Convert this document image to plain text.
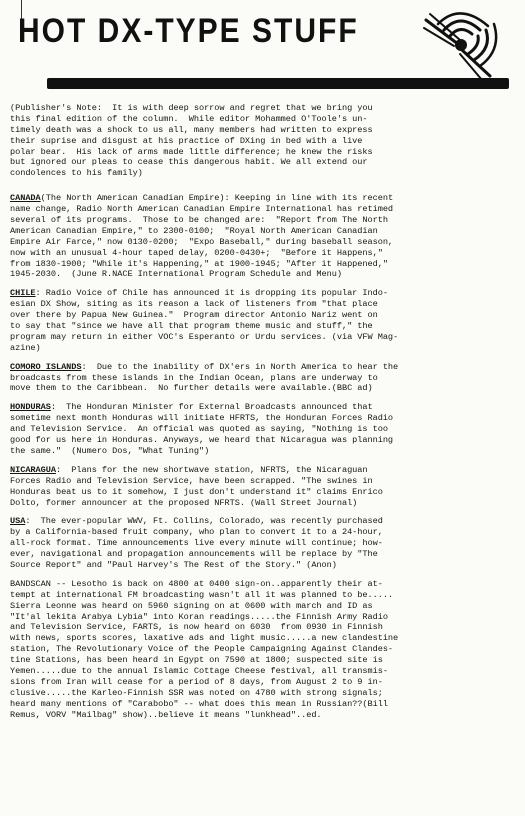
HOT DX-TYPE STUFF
(Publisher's Note:  It is with deep sorrow and regret that we bring you
this final edition of the column.  While editor Mohammed O'Toole's un-
timely death was a shock to us all, many members had written to express
their suprise and disgust at his practice of DXing in bed with a live
polar bear.  His lack of arms made little difference; he knew the risks
but ignored our pleas to cease this dangerous habit. We all extend our
condolences to his family)
CANADA(The North American Canadian Empire): Keeping in line with its recent
name change, Radio North American Canadian Empire International has retimed
several of its programs.  Those to be changed are:  "Report from The North
American Canadian Empire," to 2300-0100;  "Royal North American Canadian
Empire Air Farce," now 0130-0200;  "Expo Baseball," during baseball season,
now with an unusual 4-hour taped delay, 0200-0430+;  "Before it Happens,"
from 1830-1900; "While it's Happening," at 1900-1945; "After it Happened,"
1945-2030.  (June R.NACE International Program Schedule and Menu)
CHILE: Radio Voice of Chile has announced it is dropping its popular Indo-
esian DX Show, siting as its reason a lack of listeners from "that place
over there by Papua New Guinea."  Program director Antonio Nariz went on
to say that "since we have all that program theme music and stuff," the
program may return in either VOC's Esperanto or Urdu services. (via VFW Mag-
azine)
COMORO ISLANDS:  Due to the inability of DX'ers in North America to hear the
broadcasts from these islands in the Indian Ocean, plans are underway to
move them to the Caribbean.  No further details were available.(BBC ad)
HONDURAS:  The Honduran Minister for External Broadcasts announced that
sometime next month Honduras will initiate HFRTS, the Honduran Forces Radio
and Television Service.  An official was quoted as saying, "Nothing is too
good for us here in Honduras. Anyways, we heard that Nicaragua was planning
the same."  (Numero Dos, "What Tuning")
NICARAGUA:  Plans for the new shortwave station, NFRTS, the Nicaraguan
Forces Radio and Television Service, have been scrapped. "The swines in
Honduras beat us to it somehow, I just don't understand it" claims Enrico
Dolto, former announcer at the proposed NFRTS. (Wall Street Journal)
USA:  The ever-popular WWV, Ft. Collins, Colorado, was recently purchased
by a California-based fruit company, who plan to convert it to a 24-hour,
all-rock format. Time announcements live every minute will continue; how-
ever, navigational and propagation announcements will be replace by "The
Source Report" and "Paul Harvey's The Rest of the Story." (Anon)
BANDSCAN -- Lesotho is back on 4800 at 0400 sign-on..apparently their at-
tempt at international FM broadcasting wasn't all it was planned to be.....
Sierra Leonne was heard on 5960 signing on at 0600 with march and ID as
"It'al lekita Arabya Lybia" into Koran readings.....the Finnish Army Radio
and Television Service, FARTS, is now heard on 6030  from 0930 in Finnish
with news, sports scores, laxative ads and light music.....a new clandestine
station, The Revolutionary Voice of the People Campaigning Against Clandes-
tine Stations, has been heard in Egypt on 7590 at 1800; suspected site is
Yemen.....due to the annual Islamic Cottage Cheese festival, all transmis-
sions from Iran will cease for a period of 8 days, from August 2 to 9 in-
clusive.....the Karleo-Finnish SSR was noted on 4780 with strong signals;
heard many mentions of "Carabobo" -- what does this mean in Russian??(Bill
Remus, VORV "Mailbag" show)..believe it means "lunkhead"..ed.
